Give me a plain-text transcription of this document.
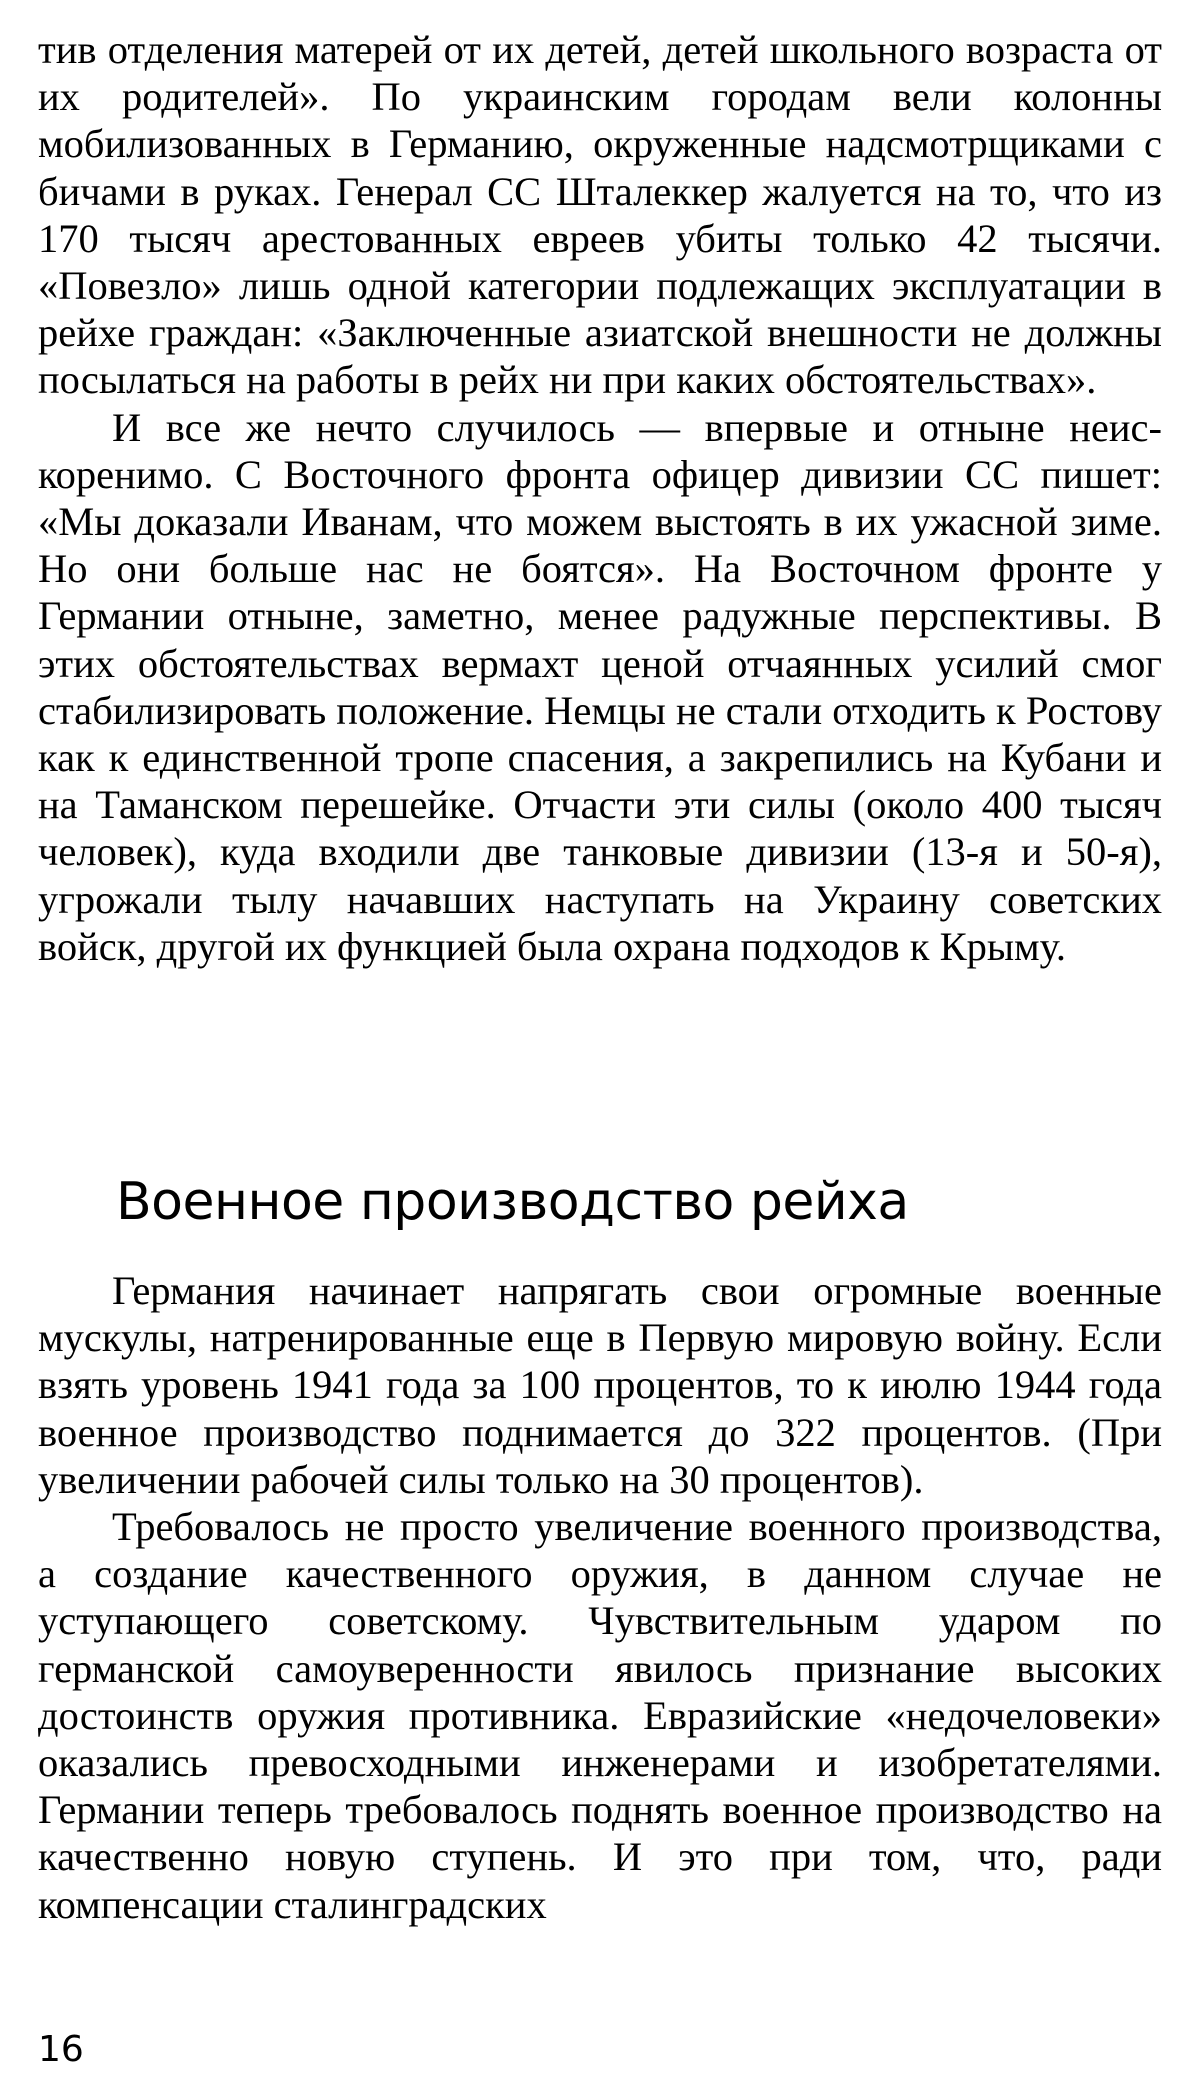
тив отделения матерей от их детей, детей школьного возраста от их родителей». По украинским городам вели колонны мобилизованных в Германию, окруженные надсмотрщиками с бичами в руках. Генерал СС Шталеккер жалуется на то, что из 170 тысяч арестованных евреев убиты только 42 тысячи. «Повезло» лишь одной категории подлежащих эксплуатации в рейхе граждан: «Заключенные азиатской внешности не должны посылаться на работы в рейх ни при каких обстоятельствах».

И все же нечто случилось — впервые и отныне неискоренимо. С Восточного фронта офицер дивизии СС пишет: «Мы доказали Иванам, что можем выстоять в их ужасной зиме. Но они больше нас не боятся». На Восточном фронте у Германии отныне, заметно, менее радужные перспективы. В этих обстоятельствах вермахт ценой отчаянных усилий смог стабилизировать положение. Немцы не стали отходить к Ростову как к единственной тропе спасения, а закрепились на Кубани и на Таманском перешейке. Отчасти эти силы (около 400 тысяч человек), куда входили две танковые дивизии (13-я и 50-я), угрожали тылу начавших наступать на Украину советских войск, другой их функцией была охрана подходов к Крыму.

Военное производство рейха

Германия начинает напрягать свои огромные военные мускулы, натренированные еще в Первую мировую войну. Если взять уровень 1941 года за 100 процентов, то к июлю 1944 года военное производство поднимается до 322 процентов. (При увеличении рабочей силы только на 30 процентов).

Требовалось не просто увеличение военного производства, а создание качественного оружия, в данном случае не уступающего советскому. Чувствительным ударом по германской самоуверенности явилось признание высоких достоинств оружия противника. Евразийские «недочеловеки» оказались превосходными инженерами и изобретателями. Германии теперь требовалось поднять военное производство на качественно новую ступень. И это при том, что, ради компенсации сталинградских

16
